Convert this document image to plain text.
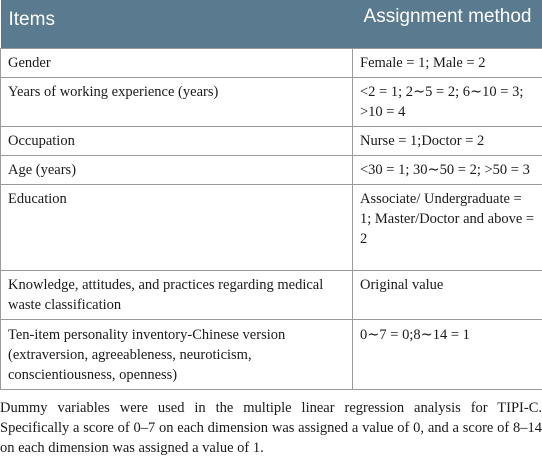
Items	Assignment method
Gender	Female = 1; Male = 2
Years of working experience (years)	<2 = 1; 2∼5 = 2; 6∼10 = 3; >10 = 4
Occupation	Nurse = 1;Doctor = 2
Age (years)	<30 = 1; 30∼50 = 2; >50 = 3
Education	Associate/ Undergraduate = 1; Master/Doctor and above = 2
Knowledge, attitudes, and practices regarding medical waste classification	Original value
Ten-item personality inventory-Chinese version (extraversion, agreeableness, neuroticism, conscientiousness, openness)	0∼7 = 0;8∼14 = 1

Dummy variables were used in the multiple linear regression analysis for TIPI-C. Specifically a score of 0–7 on each dimension was assigned a value of 0, and a score of 8–14 on each dimension was assigned a value of 1.
